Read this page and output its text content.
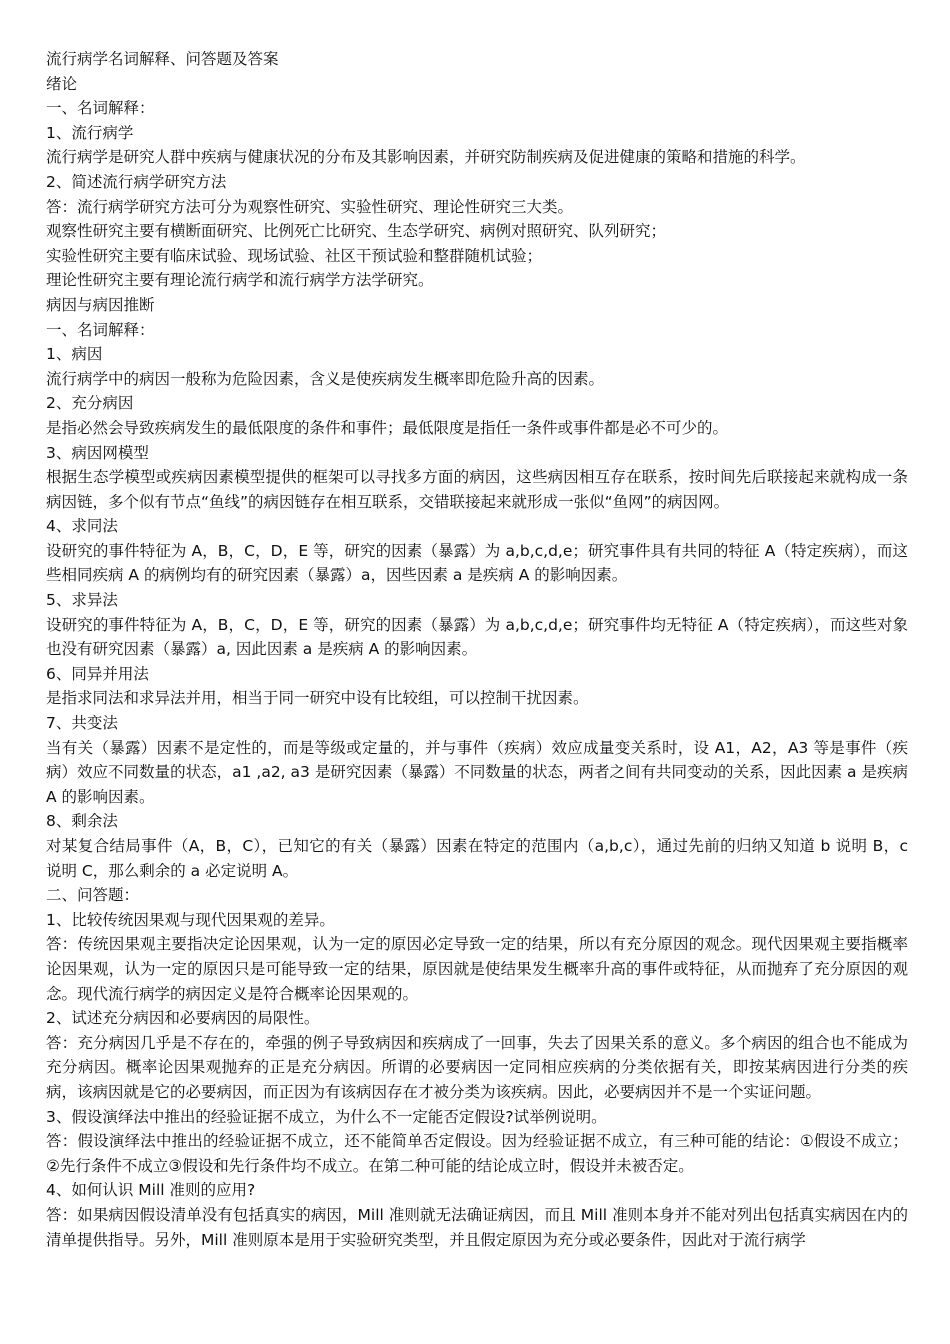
流行病学名词解释、问答题及答案
绪论
一、名词解释：
1、流行病学
流行病学是研究人群中疾病与健康状况的分布及其影响因素，并研究防制疾病及促进健康的策略和措施的科学。
2、简述流行病学研究方法
答：流行病学研究方法可分为观察性研究、实验性研究、理论性研究三大类。
观察性研究主要有横断面研究、比例死亡比研究、生态学研究、病例对照研究、队列研究；
实验性研究主要有临床试验、现场试验、社区干预试验和整群随机试验；
理论性研究主要有理论流行病学和流行病学方法学研究。
病因与病因推断
一、名词解释：
1、病因
流行病学中的病因一般称为危险因素，含义是使疾病发生概率即危险升高的因素。
2、充分病因
是指必然会导致疾病发生的最低限度的条件和事件；最低限度是指任一条件或事件都是必不可少的。
3、病因网模型
根据生态学模型或疾病因素模型提供的框架可以寻找多方面的病因，这些病因相互存在联系，按时间先后联接起来就构成一条病因链，多个似有节点“鱼线”的病因链存在相互联系，交错联接起来就形成一张似“鱼网”的病因网。
4、求同法
设研究的事件特征为 A，B，C，D，E 等，研究的因素（暴露）为 a,b,c,d,e；研究事件具有共同的特征 A（特定疾病），而这些相同疾病 A 的病例均有的研究因素（暴露）a，因些因素 a 是疾病 A 的影响因素。
5、求异法
设研究的事件特征为 A，B，C，D，E 等，研究的因素（暴露）为 a,b,c,d,e；研究事件均无特征 A（特定疾病），而这些对象也没有研究因素（暴露）a, 因此因素 a 是疾病 A 的影响因素。
6、同异并用法
是指求同法和求异法并用，相当于同一研究中设有比较组，可以控制干扰因素。
7、共变法
当有关（暴露）因素不是定性的，而是等级或定量的，并与事件（疾病）效应成量变关系时，设 A1，A2，A3 等是事件（疾病）效应不同数量的状态，a1 ,a2, a3 是研究因素（暴露）不同数量的状态，两者之间有共同变动的关系，因此因素 a 是疾病 A 的影响因素。
8、剩余法
对某复合结局事件（A，B，C），已知它的有关（暴露）因素在特定的范围内（a,b,c），通过先前的归纳又知道 b 说明 B，c 说明 C，那么剩余的 a 必定说明 A。
二、问答题：
1、比较传统因果观与现代因果观的差异。
答：传统因果观主要指决定论因果观，认为一定的原因必定导致一定的结果，所以有充分原因的观念。现代因果观主要指概率论因果观，认为一定的原因只是可能导致一定的结果，原因就是使结果发生概率升高的事件或特征，从而抛弃了充分原因的观念。现代流行病学的病因定义是符合概率论因果观的。
2、试述充分病因和必要病因的局限性。
答：充分病因几乎是不存在的，牵强的例子导致病因和疾病成了一回事，失去了因果关系的意义。多个病因的组合也不能成为充分病因。概率论因果观抛弃的正是充分病因。所谓的必要病因一定同相应疾病的分类依据有关，即按某病因进行分类的疾病，该病因就是它的必要病因，而正因为有该病因存在才被分类为该疾病。因此，必要病因并不是一个实证问题。
3、假设演绎法中推出的经验证据不成立，为什么不一定能否定假设?试举例说明。
答：假设演绎法中推出的经验证据不成立，还不能简单否定假设。因为经验证据不成立，有三种可能的结论：①假设不成立；②先行条件不成立③假设和先行条件均不成立。在第二种可能的结论成立时，假设并未被否定。
4、如何认识 Mill 准则的应用?
答：如果病因假设清单没有包括真实的病因，Mill 准则就无法确证病因，而且 Mill 准则本身并不能对列出包括真实病因在内的清单提供指导。另外，Mill 准则原本是用于实验研究类型，并且假定原因为充分或必要条件，因此对于流行病学
